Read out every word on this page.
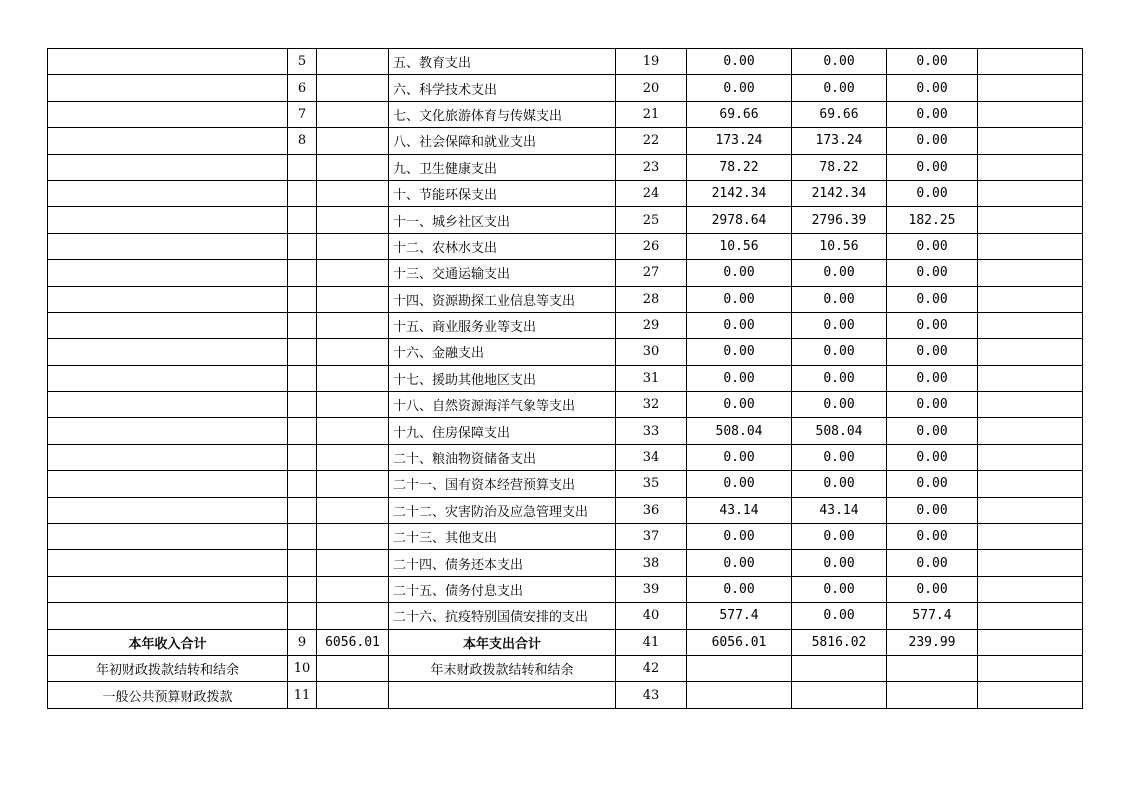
	5		五、教育支出	19	0.00	0.00	0.00	
	6		六、科学技术支出	20	0.00	0.00	0.00	
	7		七、文化旅游体育与传媒支出	21	69.66	69.66	0.00	
	8		八、社会保障和就业支出	22	173.24	173.24	0.00	
			九、卫生健康支出	23	78.22	78.22	0.00	
			十、节能环保支出	24	2142.34	2142.34	0.00	
			十一、城乡社区支出	25	2978.64	2796.39	182.25	
			十二、农林水支出	26	10.56	10.56	0.00	
			十三、交通运输支出	27	0.00	0.00	0.00	
			十四、资源勘探工业信息等支出	28	0.00	0.00	0.00	
			十五、商业服务业等支出	29	0.00	0.00	0.00	
			十六、金融支出	30	0.00	0.00	0.00	
			十七、援助其他地区支出	31	0.00	0.00	0.00	
			十八、自然资源海洋气象等支出	32	0.00	0.00	0.00	
			十九、住房保障支出	33	508.04	508.04	0.00	
			二十、粮油物资储备支出	34	0.00	0.00	0.00	
			二十一、国有资本经营预算支出	35	0.00	0.00	0.00	
			二十二、灾害防治及应急管理支出	36	43.14	43.14	0.00	
			二十三、其他支出	37	0.00	0.00	0.00	
			二十四、债务还本支出	38	0.00	0.00	0.00	
			二十五、债务付息支出	39	0.00	0.00	0.00	
			二十六、抗疫特别国债安排的支出	40	577.4	0.00	577.4	
本年收入合计	9	6056.01	本年支出合计	41	6056.01	5816.02	239.99	
年初财政拨款结转和结余	10		年末财政拨款结转和结余	42				
一般公共预算财政拨款	11			43				
